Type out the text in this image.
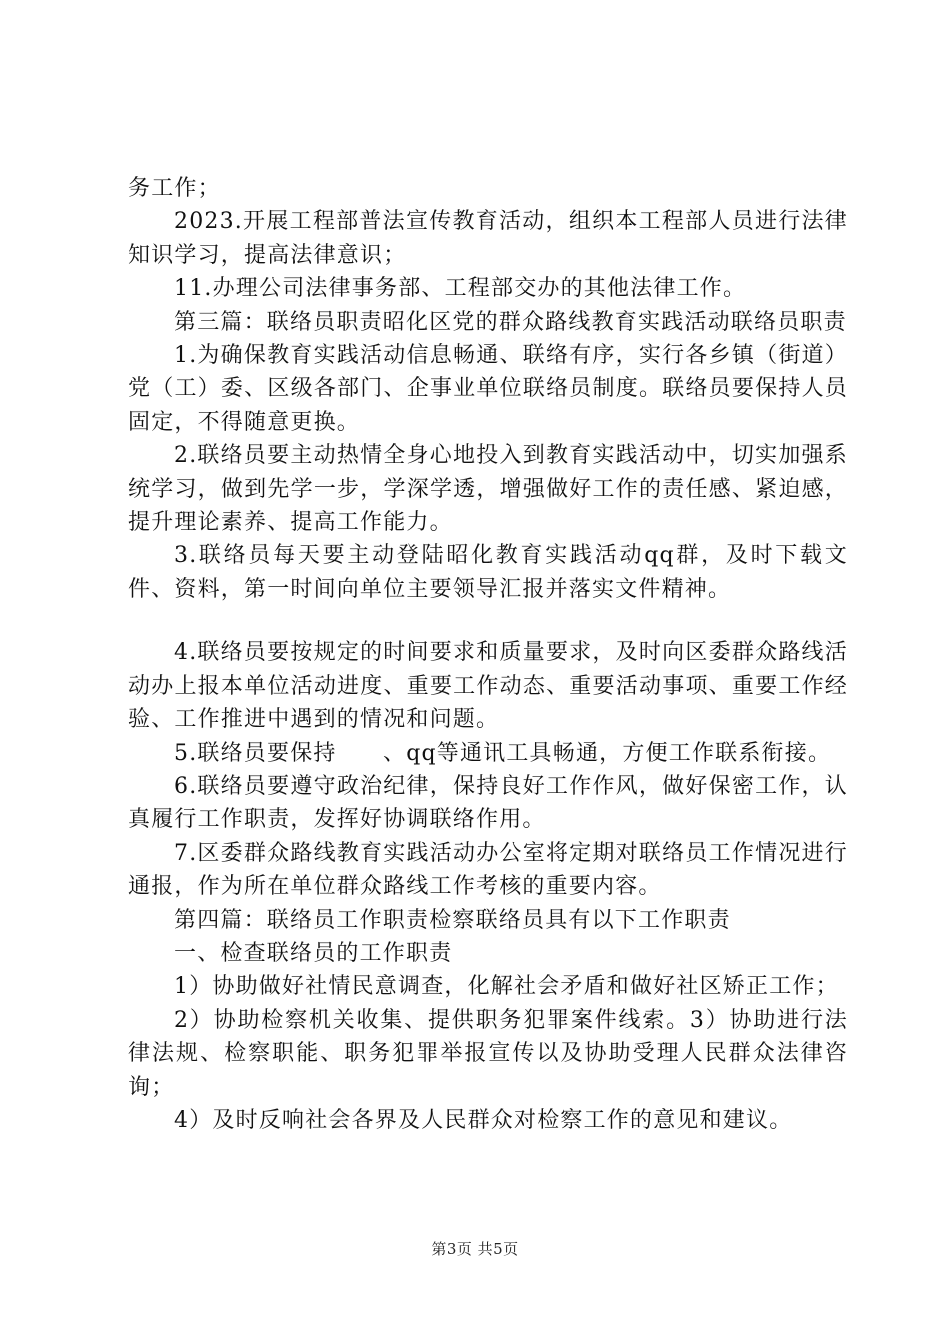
务工作；

2023.开展工程部普法宣传教育活动，组织本工程部人员进行法律知识学习，提高法律意识；

11.办理公司法律事务部、工程部交办的其他法律工作。

第三篇：联络员职责昭化区党的群众路线教育实践活动联络员职责

1.为确保教育实践活动信息畅通、联络有序，实行各乡镇（街道）党（工）委、区级各部门、企事业单位联络员制度。联络员要保持人员固定，不得随意更换。

2.联络员要主动热情全身心地投入到教育实践活动中，切实加强系统学习，做到先学一步，学深学透，增强做好工作的责任感、紧迫感，提升理论素养、提高工作能力。

3.联络员每天要主动登陆昭化教育实践活动qq群，及时下载文件、资料，第一时间向单位主要领导汇报并落实文件精神。

4.联络员要按规定的时间要求和质量要求，及时向区委群众路线活动办上报本单位活动进度、重要工作动态、重要活动事项、重要工作经验、工作推进中遇到的情况和问题。

5.联络员要保持　　、qq等通讯工具畅通，方便工作联系衔接。

6.联络员要遵守政治纪律，保持良好工作作风，做好保密工作，认真履行工作职责，发挥好协调联络作用。

7.区委群众路线教育实践活动办公室将定期对联络员工作情况进行通报，作为所在单位群众路线工作考核的重要内容。

第四篇：联络员工作职责检察联络员具有以下工作职责

一、检查联络员的工作职责

1）协助做好社情民意调查，化解社会矛盾和做好社区矫正工作；

2）协助检察机关收集、提供职务犯罪案件线索。3）协助进行法律法规、检察职能、职务犯罪举报宣传以及协助受理人民群众法律咨询；

4）及时反响社会各界及人民群众对检察工作的意见和建议。

第3页 共5页
